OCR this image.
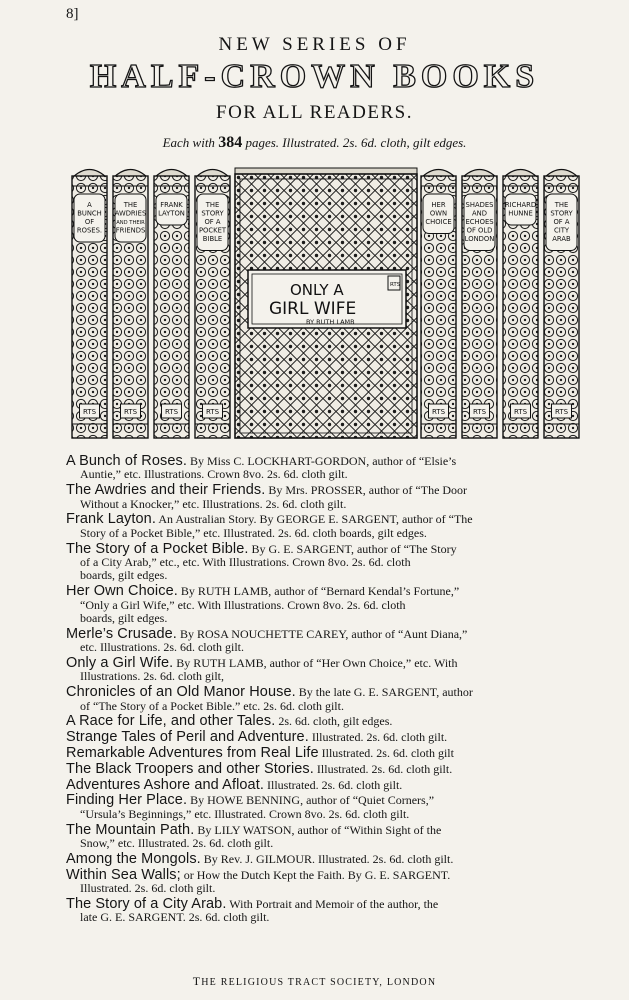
8]
NEW SERIES OF
HALF-CROWN BOOKS
FOR ALL READERS.
Each with 384 pages. Illustrated. 2s. 6d. cloth, gilt edges.
A
BUNCH
OF
ROSES.
RTS
THE
AWDRIES
AND THEIR
FRIENDS
RTS
FRANK
LAYTON
RTS
THE
STORY
OF A
POCKET
BIBLE
RTS
ONLY A
GIRL WIFE
BY RUTH LAMB
RTS
HER
OWN
CHOICE
RTS
SHADES
AND
ECHOES
OF OLD
LONDON
RTS
RICHARD
HUNNE
RTS
THE
STORY
OF A
CITY
ARAB
RTS
A Bunch of Roses. By Miss C. LOCKHART-GORDON, author of “Elsie’s
Auntie,” etc. Illustrations. Crown 8vo. 2s. 6d. cloth gilt.
The Awdries and their Friends. By Mrs. PROSSER, author of “The Door
Without a Knocker,” etc. Illustrations. 2s. 6d. cloth gilt.
Frank Layton. An Australian Story. By GEORGE E. SARGENT, author of “The
Story of a Pocket Bible,” etc. Illustrated. 2s. 6d. cloth boards, gilt edges.
The Story of a Pocket Bible. By G. E. SARGENT, author of “The Story
of a City Arab,” etc., etc. With Illustrations. Crown 8vo. 2s. 6d. cloth
boards, gilt edges.
Her Own Choice. By RUTH LAMB, author of “Bernard Kendal’s Fortune,”
“Only a Girl Wife,” etc. With Illustrations. Crown 8vo. 2s. 6d. cloth
boards, gilt edges.
Merle’s Crusade. By ROSA NOUCHETTE CAREY, author of “Aunt Diana,”
etc. Illustrations. 2s. 6d. cloth gilt.
Only a Girl Wife. By RUTH LAMB, author of “Her Own Choice,” etc. With
Illustrations. 2s. 6d. cloth gilt,
Chronicles of an Old Manor House. By the late G. E. SARGENT, author
of “The Story of a Pocket Bible.” etc. 2s. 6d. cloth gilt.
A Race for Life, and other Tales. 2s. 6d. cloth, gilt edges.
Strange Tales of Peril and Adventure. Illustrated. 2s. 6d. cloth gilt.
Remarkable Adventures from Real Life Illustrated. 2s. 6d. cloth gilt
The Black Troopers and other Stories. Illustrated. 2s. 6d. cloth gilt.
Adventures Ashore and Afloat. Illustrated. 2s. 6d. cloth gilt.
Finding Her Place. By HOWE BENNING, author of “Quiet Corners,”
“Ursula’s Beginnings,” etc. Illustrated. Crown 8vo. 2s. 6d. cloth gilt.
The Mountain Path. By LILY WATSON, author of “Within Sight of the
Snow,” etc. Illustrated. 2s. 6d. cloth gilt.
Among the Mongols. By Rev. J. GILMOUR. Illustrated. 2s. 6d. cloth gilt.
Within Sea Walls; or How the Dutch Kept the Faith. By G. E. SARGENT.
Illustrated. 2s. 6d. cloth gilt.
The Story of a City Arab. With Portrait and Memoir of the author, the
late G. E. SARGENT. 2s. 6d. cloth gilt.
THE RELIGIOUS TRACT SOCIETY, LONDON
